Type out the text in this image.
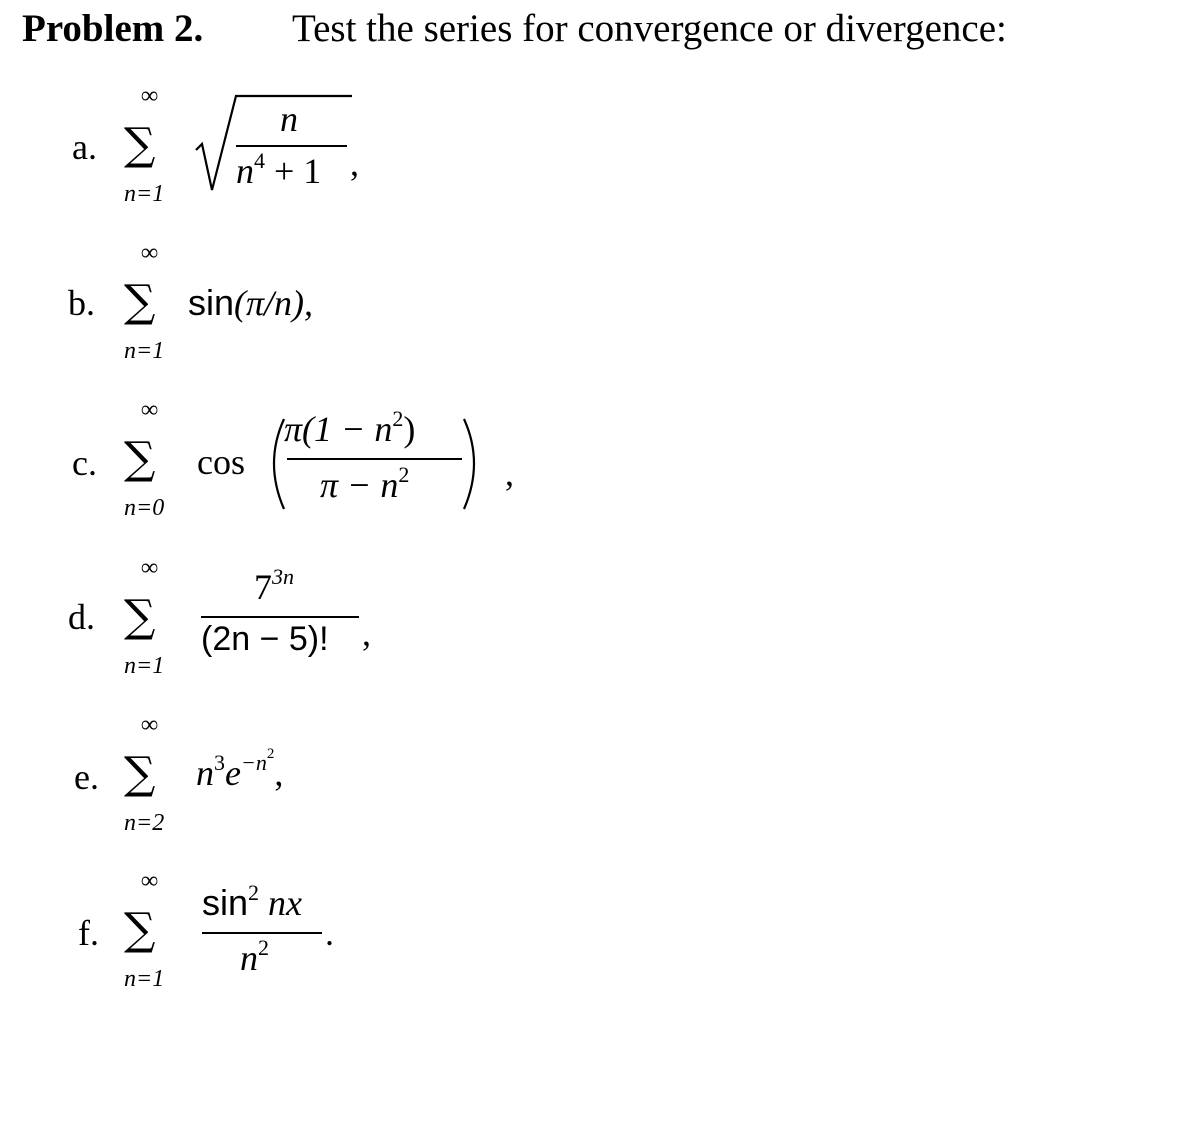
Problem 2. Test the series for convergence or divergence:
a.
∞
∑
n=1
n
$n^4 + 1$ ,
b.
∞
∑
n=1
sin(π/n),
c.
∞
∑
n=0
cos
$\pi(1 - n^2)$
$\pi - n^2$	,
d.
∞
∑
n=1
$7^{3n}$
(2n − 5)! ,
e.
∞
∑
n=2
$n^3e^{-n2}$,
f.
∞
∑
n=1
$\sin^2$ nx
$n^2$ .
